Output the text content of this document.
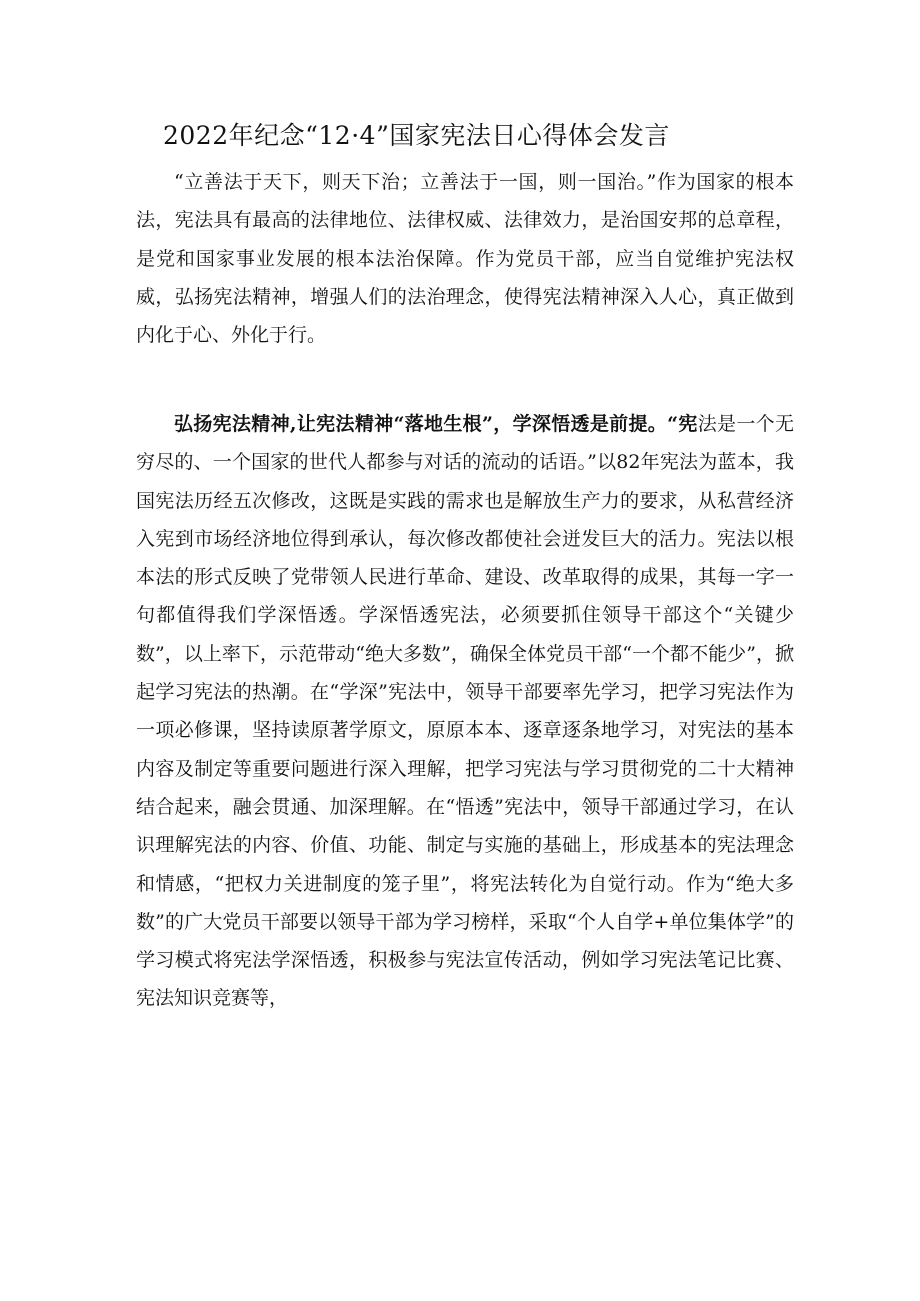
2022年纪念“12·4”国家宪法日心得体会发言

“立善法于天下，则天下治；立善法于一国，则一国治。”作为国家的根本法，宪法具有最高的法律地位、法律权威、法律效力，是治国安邦的总章程，是党和国家事业发展的根本法治保障。作为党员干部，应当自觉维护宪法权威，弘扬宪法精神，增强人们的法治理念，使得宪法精神深入人心，真正做到内化于心、外化于行。

弘扬宪法精神,让宪法精神“落地生根”，学深悟透是前提。“宪法是一个无穷尽的、一个国家的世代人都参与对话的流动的话语。”以82年宪法为蓝本，我国宪法历经五次修改，这既是实践的需求也是解放生产力的要求，从私营经济入宪到市场经济地位得到承认，每次修改都使社会迸发巨大的活力。宪法以根本法的形式反映了党带领人民进行革命、建设、改革取得的成果，其每一字一句都值得我们学深悟透。学深悟透宪法，必须要抓住领导干部这个“关键少数”，以上率下，示范带动“绝大多数”，确保全体党员干部“一个都不能少”，掀起学习宪法的热潮。在“学深”宪法中，领导干部要率先学习，把学习宪法作为一项必修课，坚持读原著学原文，原原本本、逐章逐条地学习，对宪法的基本内容及制定等重要问题进行深入理解，把学习宪法与学习贯彻党的二十大精神结合起来，融会贯通、加深理解。在“悟透”宪法中，领导干部通过学习，在认识理解宪法的内容、价值、功能、制定与实施的基础上，形成基本的宪法理念和情感，“把权力关进制度的笼子里”，将宪法转化为自觉行动。作为“绝大多数”的广大党员干部要以领导干部为学习榜样，采取“个人自学+单位集体学”的学习模式将宪法学深悟透，积极参与宪法宣传活动，例如学习宪法笔记比赛、宪法知识竞赛等，
